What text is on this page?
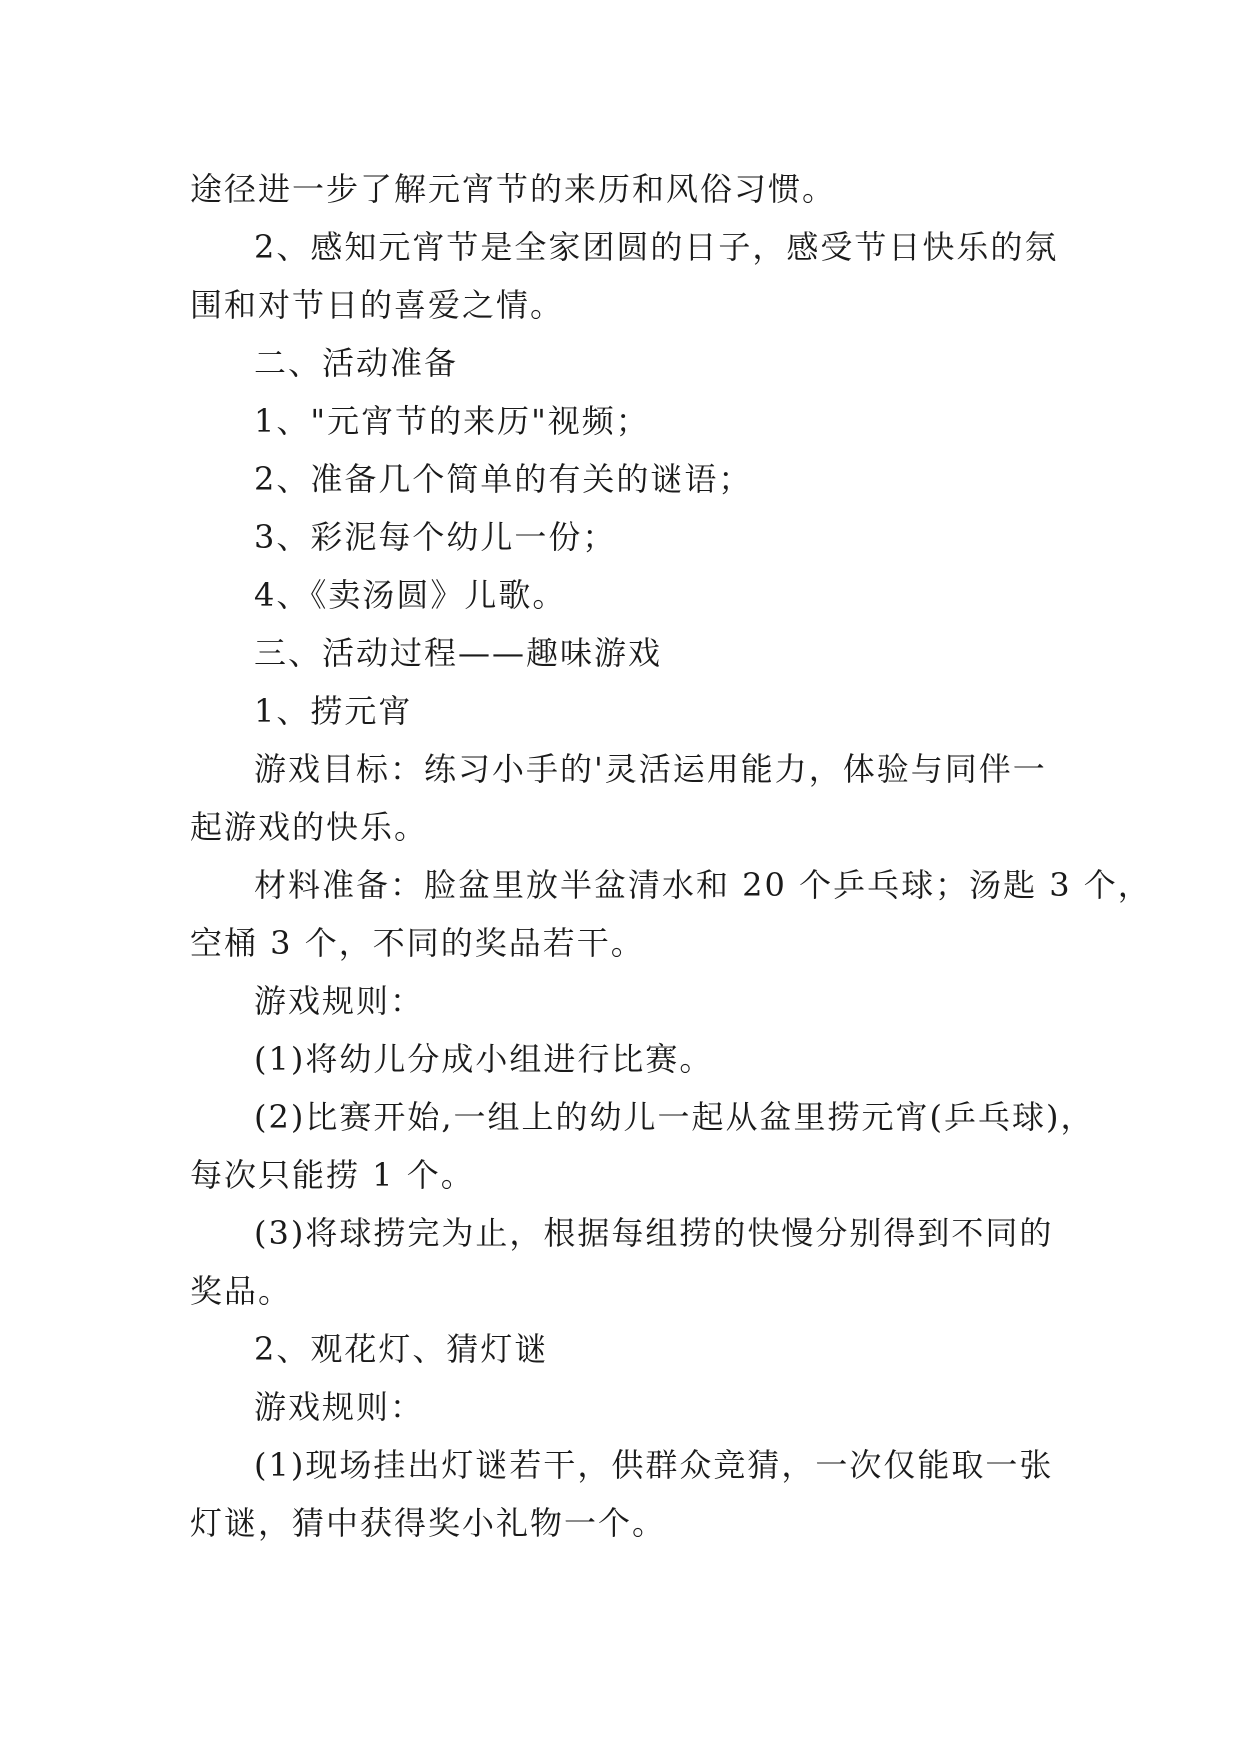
途径进一步了解元宵节的来历和风俗习惯。
2、感知元宵节是全家团圆的日子，感受节日快乐的氛
围和对节日的喜爱之情。
二、活动准备
1、"元宵节的来历"视频；
2、准备几个简单的有关的谜语；
3、彩泥每个幼儿一份；
4、《卖汤圆》儿歌。
三、活动过程——趣味游戏
1、捞元宵
游戏目标：练习小手的'灵活运用能力，体验与同伴一
起游戏的快乐。
材料准备：脸盆里放半盆清水和 20 个乒乓球；汤匙 3 个，
空桶 3 个，不同的奖品若干。
游戏规则：
(1)将幼儿分成小组进行比赛。
(2)比赛开始,一组上的幼儿一起从盆里捞元宵(乒乓球)，
每次只能捞 1 个。
(3)将球捞完为止，根据每组捞的快慢分别得到不同的
奖品。
2、观花灯、猜灯谜
游戏规则：
(1)现场挂出灯谜若干，供群众竞猜，一次仅能取一张
灯谜，猜中获得奖小礼物一个。
